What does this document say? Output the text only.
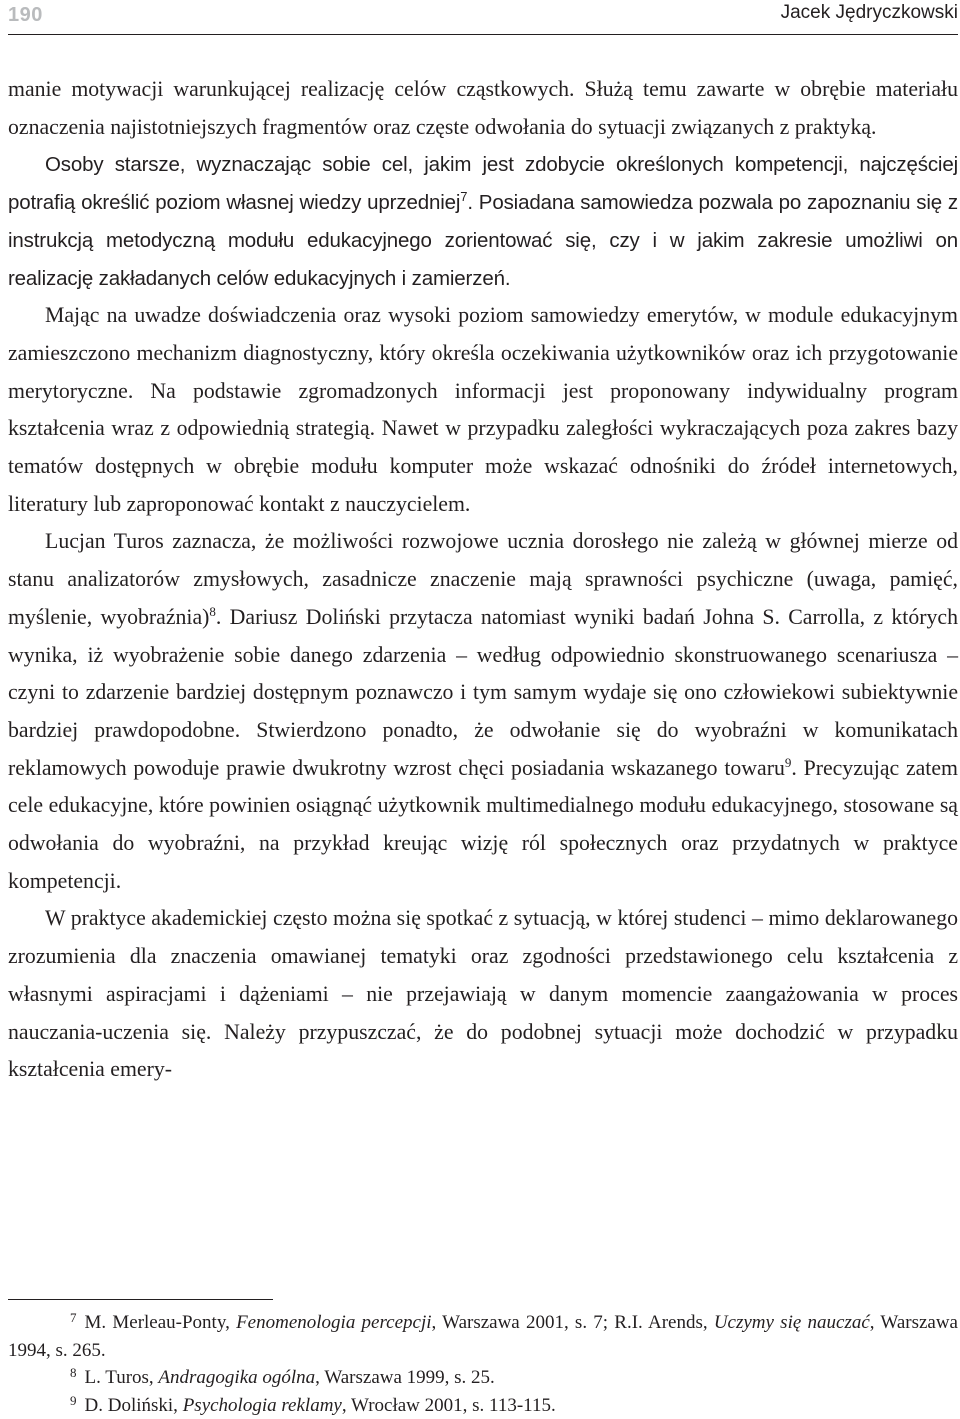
190	Jacek Jędryczkowski

manie motywacji warunkującej realizację celów cząstkowych. Służą temu zawarte w obrębie materiału oznaczenia najistotniejszych fragmentów oraz częste odwołania do sytuacji związanych z praktyką.

Osoby starsze, wyznaczając sobie cel, jakim jest zdobycie określonych kompetencji, najczęściej potrafią określić poziom własnej wiedzy uprzedniej$^7$. Posiadana samowiedza pozwala po zapoznaniu się z instrukcją metodyczną modułu edukacyjnego zorientować się, czy i w jakim zakresie umożliwi on realizację zakładanych celów edukacyjnych i zamierzeń.

Mając na uwadze doświadczenia oraz wysoki poziom samowiedzy emerytów, w module edukacyjnym zamieszczono mechanizm diagnostyczny, który określa oczekiwania użytkowników oraz ich przygotowanie merytoryczne. Na podstawie zgromadzonych informacji jest proponowany indywidualny program kształcenia wraz z odpowiednią strategią. Nawet w przypadku zaległości wykraczających poza zakres bazy tematów dostępnych w obrębie modułu komputer może wskazać odnośniki do źródeł internetowych, literatury lub zaproponować kontakt z nauczycielem.

Lucjan Turos zaznacza, że możliwości rozwojowe ucznia dorosłego nie zależą w głównej mierze od stanu analizatorów zmysłowych, zasadnicze znaczenie mają sprawności psychiczne (uwaga, pamięć, myślenie, wyobraźnia)$^8$. Dariusz Doliński przytacza natomiast wyniki badań Johna S. Carrolla, z których wynika, iż wyobrażenie sobie danego zdarzenia – według odpowiednio skonstruowanego scenariusza – czyni to zdarzenie bardziej dostępnym poznawczo i tym samym wydaje się ono człowiekowi subiektywnie bardziej prawdopodobne. Stwierdzono ponadto, że odwołanie się do wyobraźni w komunikatach reklamowych powoduje prawie dwukrotny wzrost chęci posiadania wskazanego towaru$^9$. Precyzując zatem cele edukacyjne, które powinien osiągnąć użytkownik multimedialnego modułu edukacyjnego, stosowane są odwołania do wyobraźni, na przykład kreując wizję ról społecznych oraz przydatnych w praktyce kompetencji.

W praktyce akademickiej często można się spotkać z sytuacją, w której studenci – mimo deklarowanego zrozumienia dla znaczenia omawianej tematyki oraz zgodności przedstawionego celu kształcenia z własnymi aspiracjami i dążeniami – nie przejawiają w danym momencie zaangażowania w proces nauczania-uczenia się. Należy przypuszczać, że do podobnej sytuacji może dochodzić w przypadku kształcenia emery-

7 M. Merleau-Ponty, Fenomenologia percepcji, Warszawa 2001, s. 7; R.I. Arends, Uczymy się nauczać, Warszawa 1994, s. 265.

8 L. Turos, Andragogika ogólna, Warszawa 1999, s. 25.

9 D. Doliński, Psychologia reklamy, Wrocław 2001, s. 113-115.
